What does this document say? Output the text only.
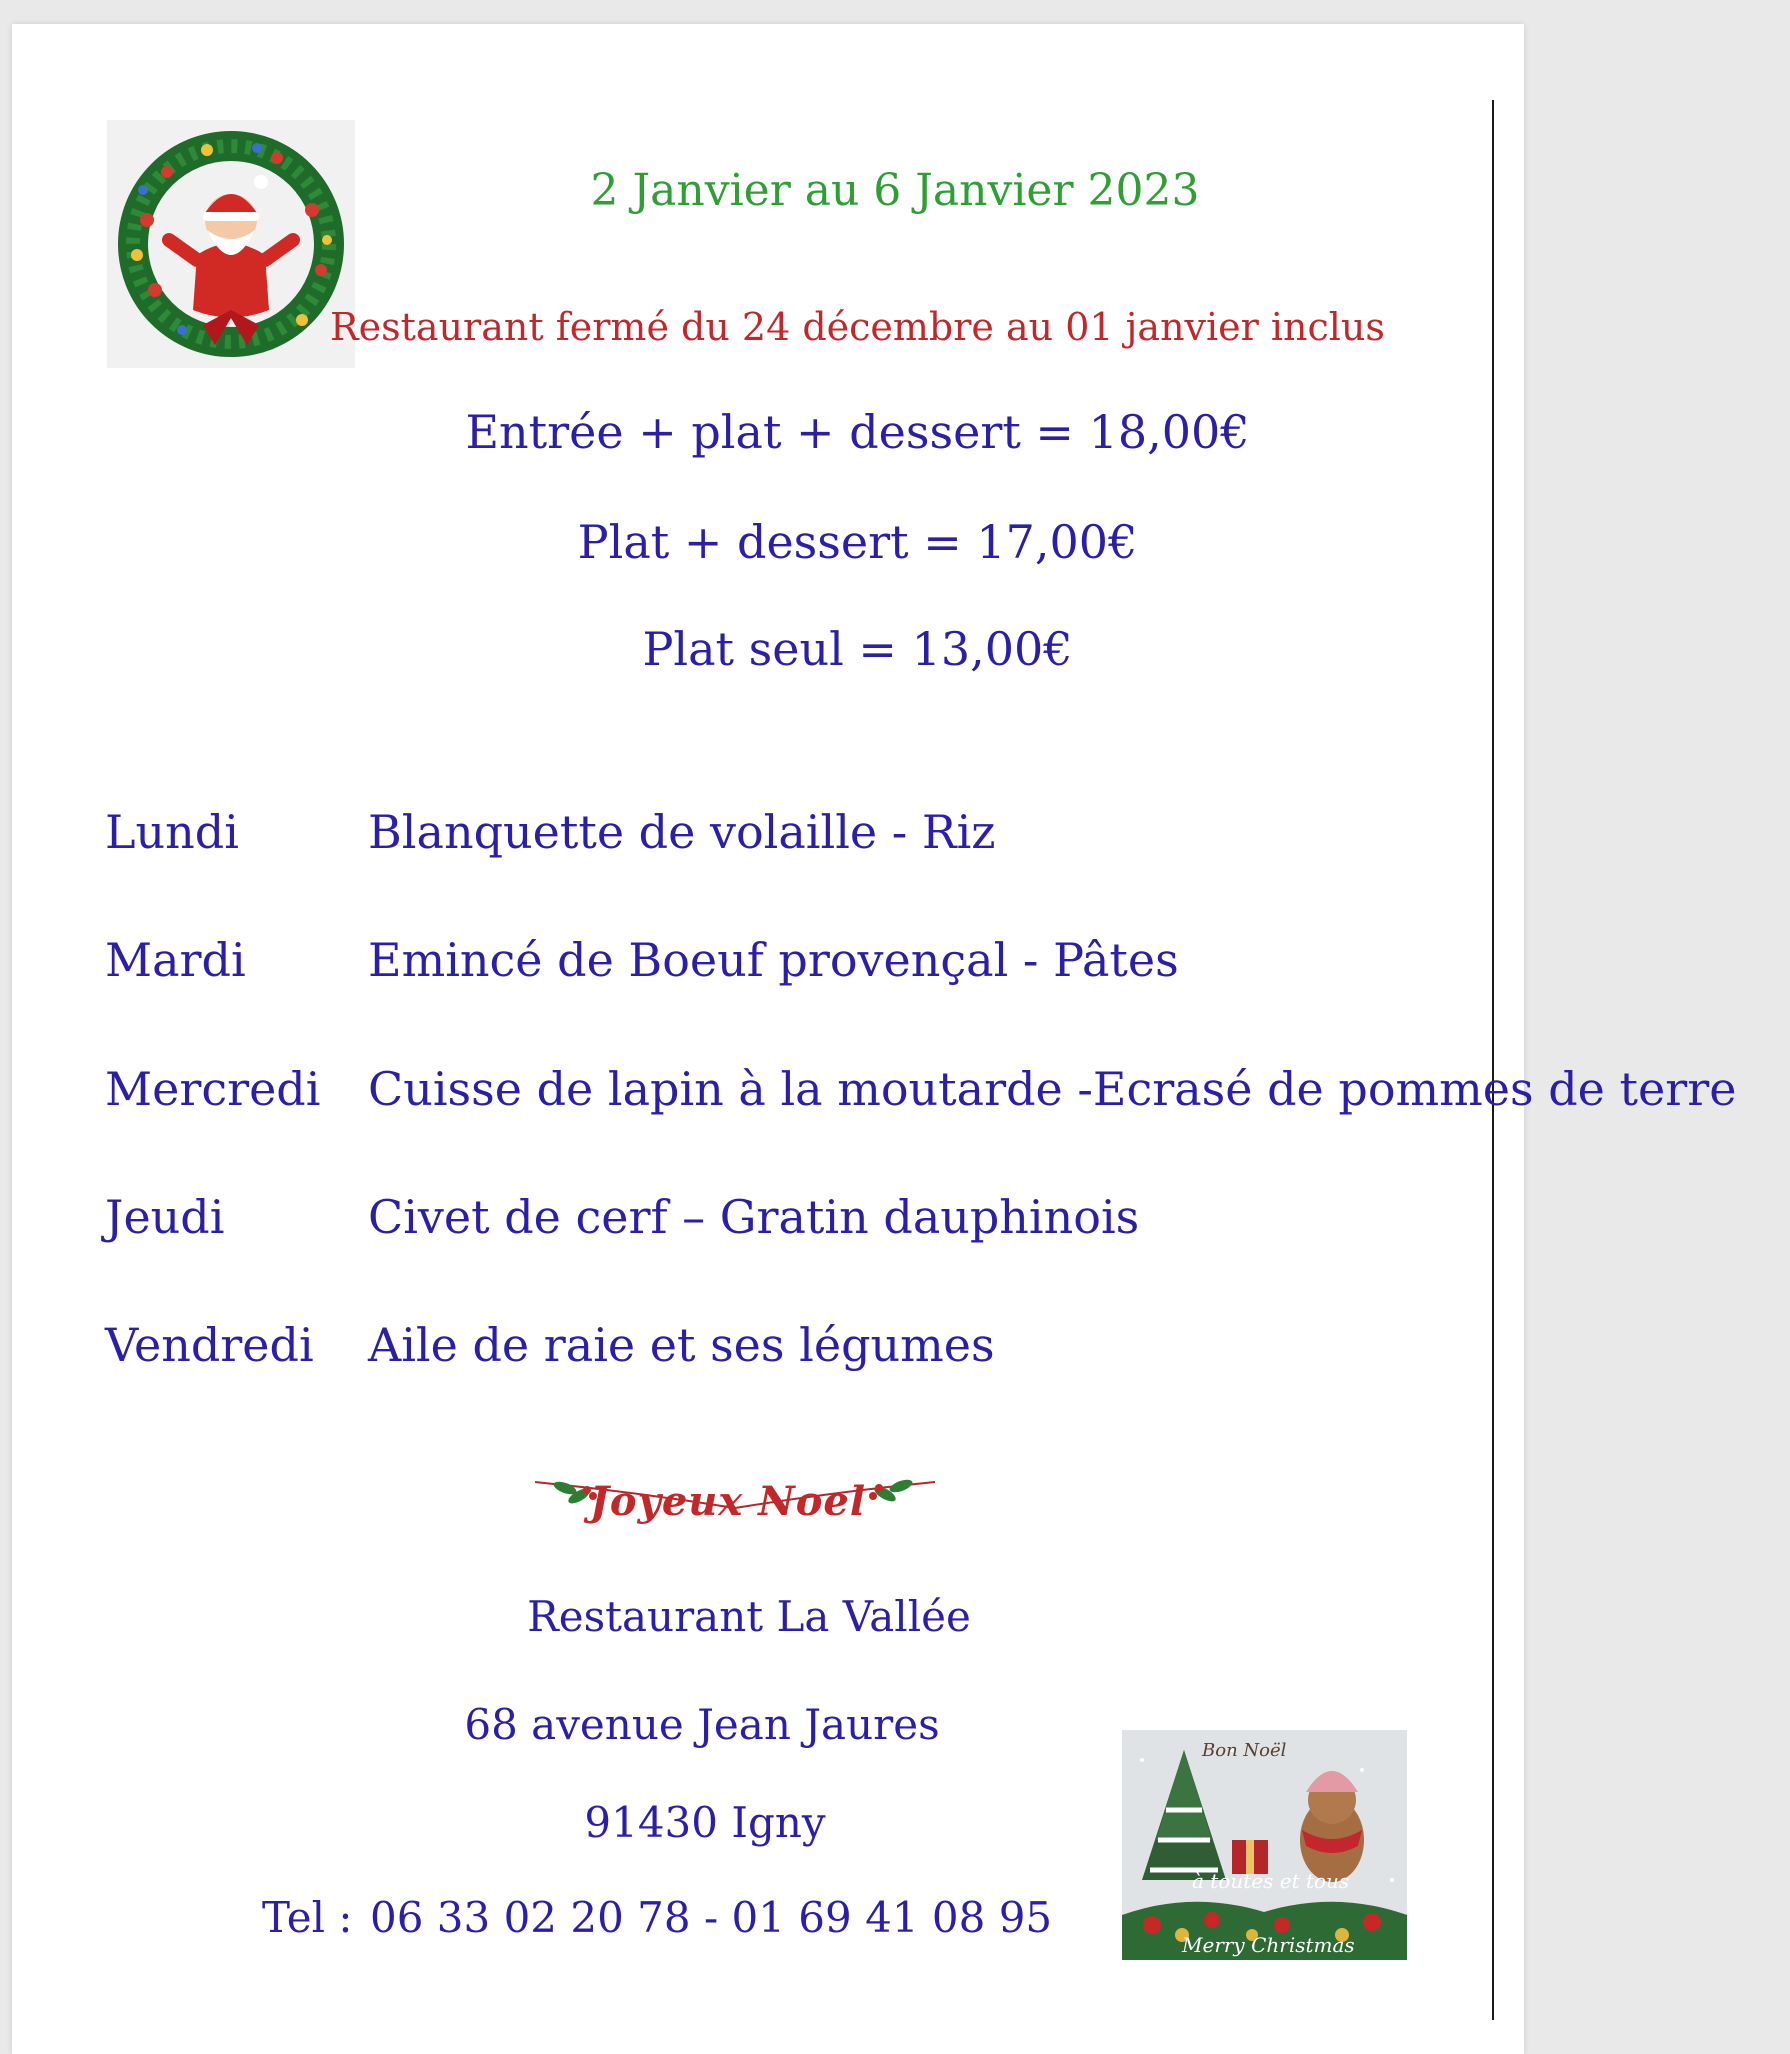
2 Janvier au 6 Janvier 2023
Restaurant fermé du 24 décembre au 01 janvier inclus
Entrée + plat + dessert = 18,00€
Plat + dessert = 17,00€
Plat seul = 13,00€
Lundi	Blanquette de volaille - Riz
Mardi	Emincé de Boeuf provençal - Pâtes
Mercredi Cuisse de lapin à la moutarde -Ecrasé de pommes de terre
Jeudi	Civet de cerf – Gratin dauphinois
Vendredi Aile de raie et ses légumes
Joyeux Noel
Restaurant La Vallée
68 avenue Jean Jaures
91430 Igny
Tel : 06 33 02 20 78 - 01 69 41 08 95
Bon Noël
à toutes et tous
Merry Christmas
